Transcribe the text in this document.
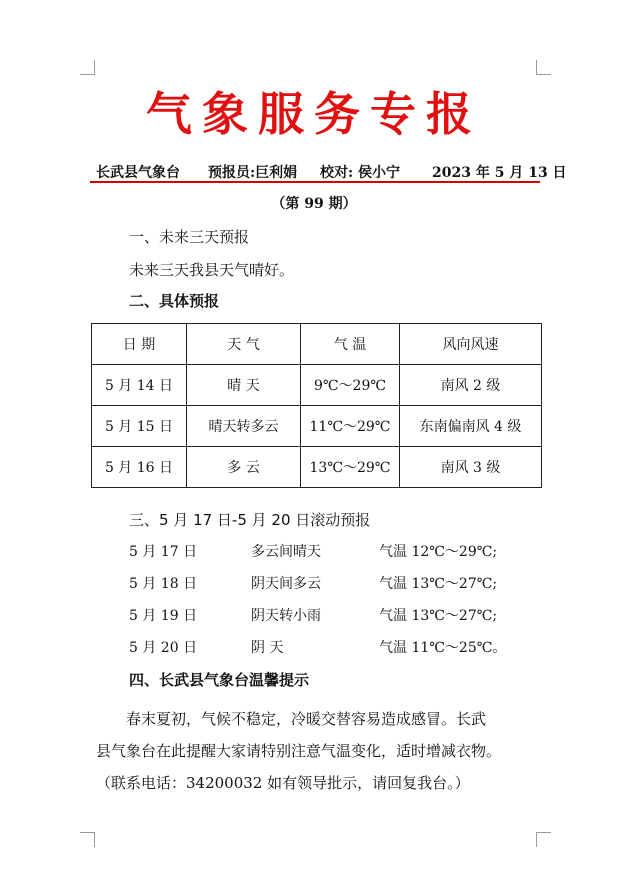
气象服务专报
长武县气象台	预报员:巨利娟	校对: 侯小宁	2023 年 5 月 13 日
（第 99 期）
一、未来三天预报
未来三天我县天气晴好。
二、具体预报
日 期	天 气	气 温	风向风速
5 月 14 日	晴 天	9℃～29℃	南风 2 级
5 月 15 日	晴天转多云	11℃～29℃	东南偏南风 4 级
5 月 16 日	多 云	13℃～29℃	南风 3 级
三、5 月 17 日-5 月 20 日滚动预报
5 月 17 日	多云间晴天	气温 12℃～29℃;
5 月 18 日	阴天间多云	气温 13℃～27℃;
5 月 19 日	阴天转小雨	气温 13℃～27℃;
5 月 20 日	阴 天	气温 11℃～25℃。
四、长武县气象台温馨提示
　　春末夏初，气候不稳定，冷暖交替容易造成感冒。长武
县气象台在此提醒大家请特别注意气温变化，适时增减衣物。
（联系电话：34200032 如有领导批示，请回复我台。）
